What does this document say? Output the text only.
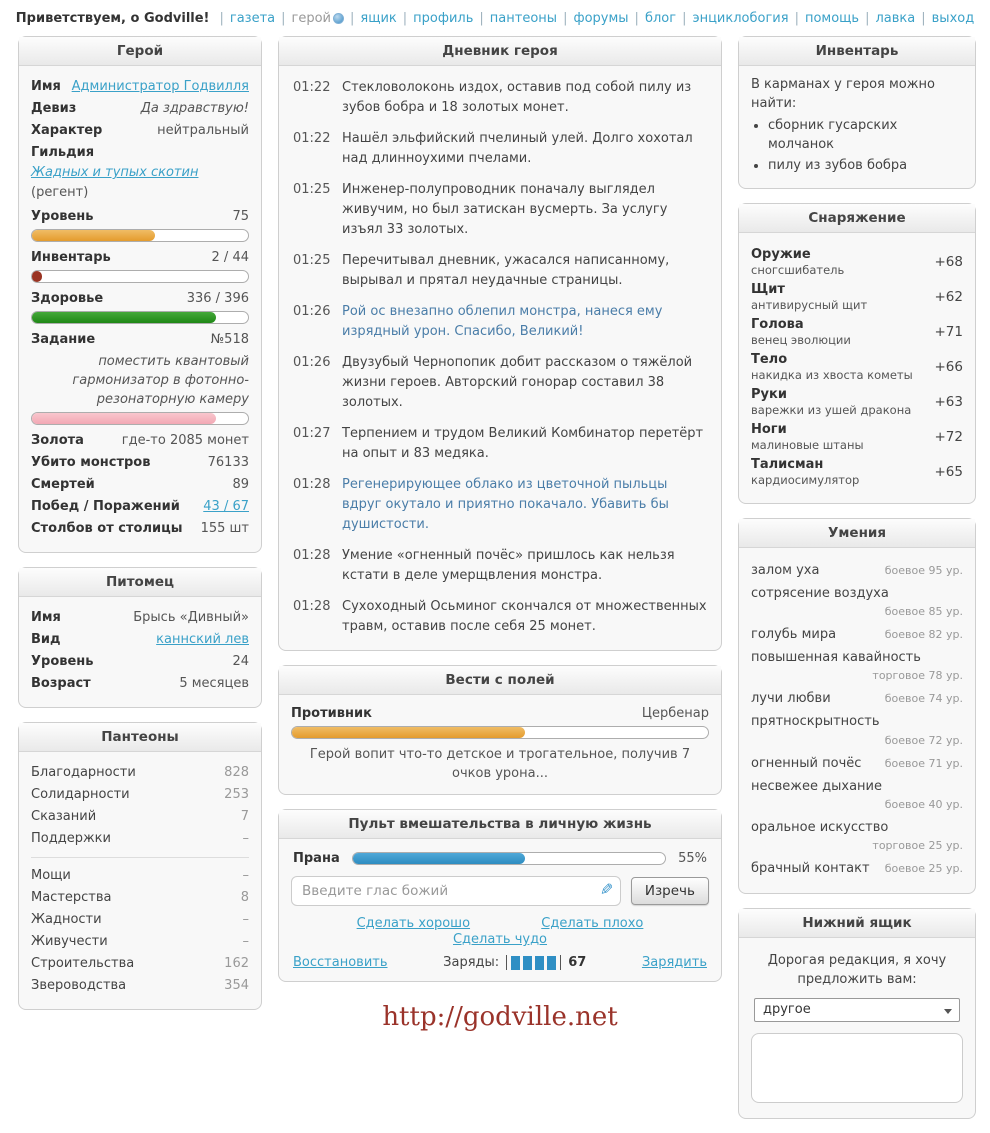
Приветствуем, о Godville! | газета | герой | ящик | профиль | пантеоны | форумы | блог | энциклобогия | помощь | лавка | выход
Герой
Имя Администратор Годвилля
Девиз	Да здравствую!
Характер	нейтральный
Гильдия
Жадных и тупых скотин (регент)
Уровень	75
Инвентарь	2 / 44
Здоровье	336 / 396
Задание	№518
поместить квантовый гармонизатор в фотонно-резонаторную камеру
Золота	где-то 2085 монет
Убито монстров	76133
Смертей	89
Побед / Поражений 43 / 67
Столбов от столицы 155 шт
Питомец
Имя	Брысь «Дивный»
Вид	каннский лев
Уровень	24
Возраст	5 месяцев
Пантеоны
Благодарности	828
Солидарности	253
Сказаний	7
Поддержки	–
Мощи	–
Мастерства	8
Жадности	–
Живучести	–
Строительства	162
Звероводства	354
Дневник героя
01:22 Стекловолоконь издох, оставив под собой пилу из зубов бобра и 18 золотых монет.
01:22 Нашёл эльфийский пчелиный улей. Долго хохотал над длинноухими пчелами.
01:25 Инженер-полупроводник поначалу выглядел живучим, но был затискан вусмерть. За услугу изъял 33 золотых.
01:25 Перечитывал дневник, ужасался написанному, вырывал и прятал неудачные страницы.
01:26 Рой ос внезапно облепил монстра, нанеся ему изрядный урон. Спасибо, Великий!
01:26 Двузубый Чернопопик добит рассказом о тяжёлой жизни героев. Авторский гонорар составил 38 золотых.
01:27 Терпением и трудом Великий Комбинатор перетёрт на опыт и 83 медяка.
01:28 Регенерирующее облако из цветочной пыльцы вдруг окутало и приятно покачало. Убавить бы душистости.
01:28 Умение «огненный почёс» пришлось как нельзя кстати в деле умерщвления монстра.
01:28 Сухоходный Осьминог скончался от множественных травм, оставив после себя 25 монет.
Вести с полей
Противник	Цербенар
Герой вопит что-то детское и трогательное, получив 7 очков урона...
Пульт вмешательства в личную жизнь
Прана	55%
Введите глас божий
✎	Изречь
Сделать хорошо	Сделать плохо
Сделать чудо
Восстановить	Заряды:	67	Зарядить
http://godville.net
Инвентарь
В карманах у героя можно найти:
• сборник гусарских молчанок
• пилу из зубов бобра
Снаряжение
Оружие
сногсшибатель	+68
Щит
антивирусный щит	+62
Голова
венец эволюции	+71
Тело
накидка из хвоста кометы +66
Руки
варежки из ушей дракона +63
Ноги
малиновые штаны	+72
Талисман
кардиосимулятор	+65
Умения
залом уха	боевое 95 ур.
сотрясение воздуха
боевое 85 ур.
голубь мира	боевое 82 ур.
повышенная кавайность
торговое 78 ур.
лучи любви	боевое 74 ур.
прятноскрытность
боевое 72 ур.
огненный почёс боевое 71 ур.
несвежее дыхание
боевое 40 ур.
оральное искусство
торговое 25 ур.
брачный контакт боевое 25 ур.
Нижний ящик
Дорогая редакция, я хочу предложить вам:
другое
